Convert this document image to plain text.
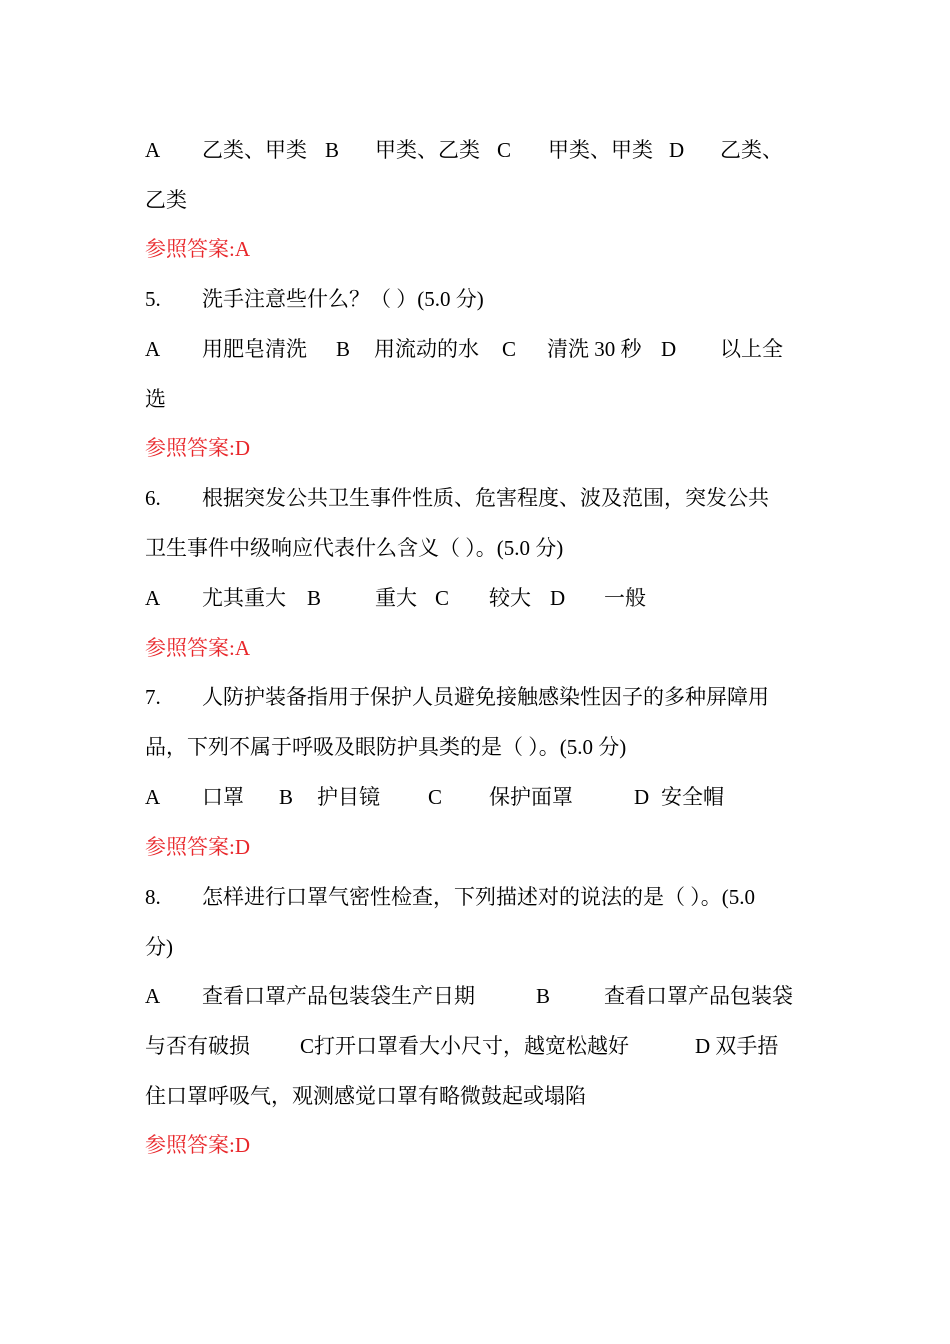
A

乙类、甲类

B

甲类、乙类

C

甲类、甲类

D

乙类、

乙类
参照答案:A

5.

洗手注意些什么？（ ）(5.0 分)

A

用肥皂清洗

B

用流动的水

C

清洗 30 秒

D

以上全

选
参照答案:D

6.

根据突发公共卫生事件性质、危害程度、波及范围，突发公共

卫生事件中级响应代表什么含义（ ）。(5.0 分)

A

尤其重大

B

	重大

C

较大

D

一般

参照答案:A

7.

人防护装备指用于保护人员避免接触感染性因子的多种屏障用

品，下列不属于呼吸及眼防护具类的是（ ）。(5.0 分)

A

口罩

B

护目镜

C

保护面罩

	D

安全帽

参照答案:D

8.

怎样进行口罩气密性检查，下列描述对的说法的是（ ）。(5.0

分)

A

查看口罩产品包装袋生产日期

	B

	查看口罩产品包装袋

与否有破损

C打开口罩看大小尺寸，越宽松越好

	D 双手捂

住口罩呼吸气，观测感觉口罩有略微鼓起或塌陷
参照答案:D
